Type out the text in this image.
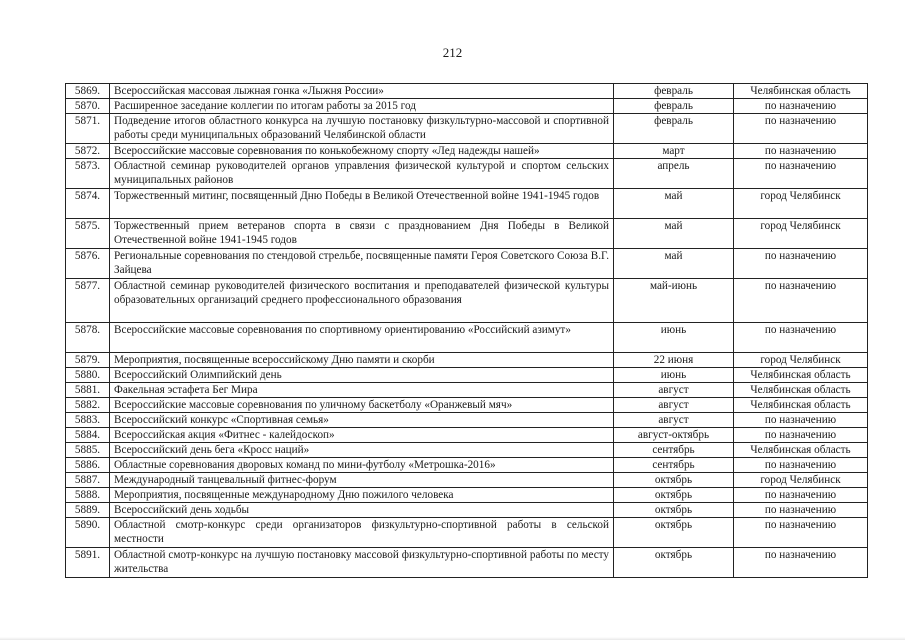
212
5869.	Всероссийская массовая лыжная гонка «Лыжня России»	февраль	Челябинская область
5870.	Расширенное заседание коллегии по итогам работы за 2015 год	февраль	по назначению
5871.	Подведение итогов областного конкурса на лучшую постановку физкультурно-массовой и спортивной работы среди муниципальных образований Челябинской области	февраль	по назначению
5872.	Всероссийские массовые соревнования по конькобежному спорту «Лед надежды нашей»	март	по назначению
5873.	Областной семинар руководителей органов управления физической культурой и спортом сельских муниципальных районов	апрель	по назначению
5874.	Торжественный митинг, посвященный Дню Победы в Великой Отечественной войне 1941-1945 годов	май	город Челябинск
5875.	Торжественный прием ветеранов спорта в связи с празднованием Дня Победы в Великой Отечественной войне 1941-1945 годов	май	город Челябинск
5876.	Региональные соревнования по стендовой стрельбе, посвященные памяти Героя Советского Союза В.Г. Зайцева	май	по назначению
5877.	Областной семинар руководителей физического воспитания и преподавателей физической культуры образовательных организаций среднего профессионального образования	май-июнь	по назначению
5878.	Всероссийские массовые соревнования по спортивному ориентированию «Российский азимут»	июнь	по назначению
5879.	Мероприятия, посвященные всероссийскому Дню памяти и скорби	22 июня	город Челябинск
5880.	Всероссийский Олимпийский день	июнь	Челябинская область
5881.	Факельная эстафета Бег Мира	август	Челябинская область
5882.	Всероссийские массовые соревнования по уличному баскетболу «Оранжевый мяч»	август	Челябинская область
5883.	Всероссийский конкурс «Спортивная семья»	август	по назначению
5884.	Всероссийская акция «Фитнес - калейдоскоп»	август-октябрь	по назначению
5885.	Всероссийский день бега «Кросс наций»	сентябрь	Челябинская область
5886.	Областные соревнования дворовых команд по мини-футболу «Метрошка-2016»	сентябрь	по назначению
5887.	Международный танцевальный фитнес-форум	октябрь	город Челябинск
5888.	Мероприятия, посвященные международному Дню пожилого человека	октябрь	по назначению
5889.	Всероссийский день ходьбы	октябрь	по назначению
5890.	Областной смотр-конкурс среди организаторов физкультурно-спортивной работы в сельской местности	октябрь	по назначению
5891.	Областной смотр-конкурс на лучшую постановку массовой физкультурно-спортивной работы по месту жительства	октябрь	по назначению
